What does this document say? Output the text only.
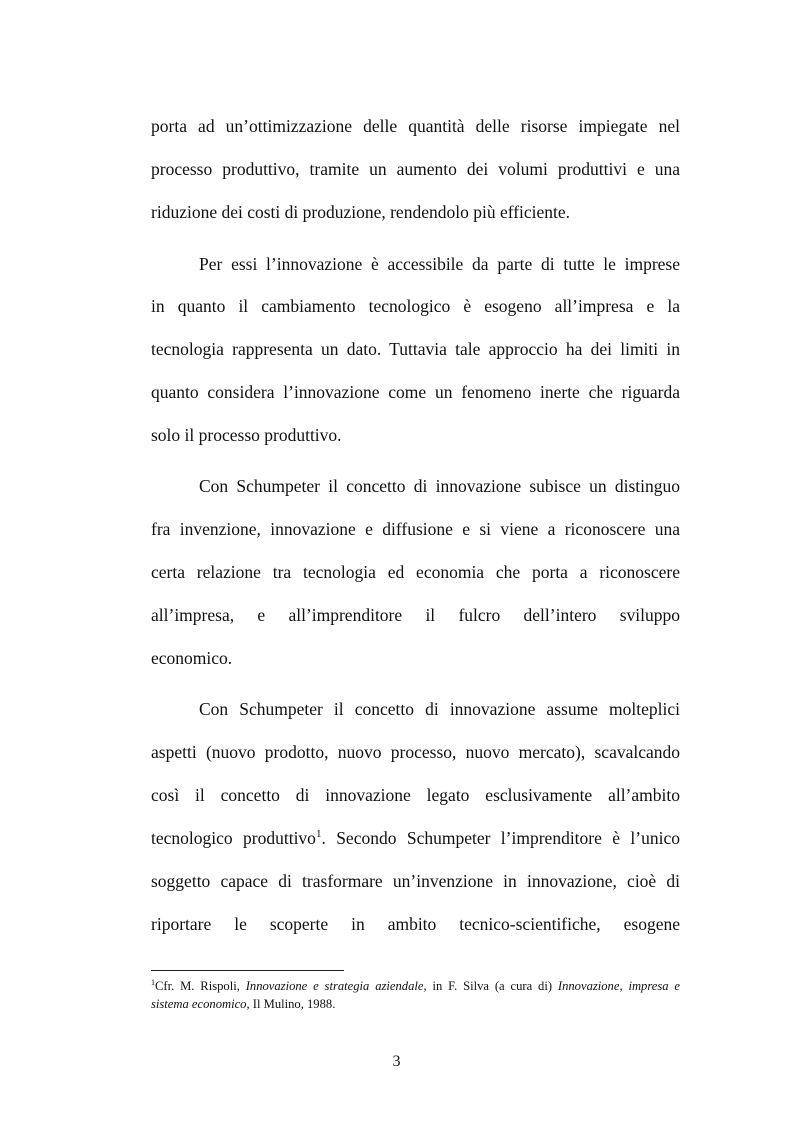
porta ad un’ottimizzazione delle quantità delle risorse impiegate nel
processo produttivo, tramite un aumento dei volumi produttivi e una
riduzione dei costi di produzione, rendendolo più efficiente.
Per essi l’innovazione è accessibile da parte di tutte le imprese
in quanto il cambiamento tecnologico è esogeno all’impresa e la
tecnologia rappresenta un dato. Tuttavia tale approccio ha dei limiti in
quanto considera l’innovazione come un fenomeno inerte che riguarda
solo il processo produttivo.
Con Schumpeter il concetto di innovazione subisce un distinguo
fra invenzione, innovazione e diffusione e si viene a riconoscere una
certa relazione tra tecnologia ed economia che porta a riconoscere
all’impresa, e all’imprenditore il fulcro dell’intero sviluppo
economico.
Con Schumpeter il concetto di innovazione assume molteplici
aspetti (nuovo prodotto, nuovo processo, nuovo mercato), scavalcando
così il concetto di innovazione legato esclusivamente all’ambito
tecnologico produttivo$^1$. Secondo Schumpeter l’imprenditore è l’unico
soggetto capace di trasformare un’invenzione in innovazione, cioè di
riportare le scoperte in ambito tecnico-scientifiche, esogene
$^1$Cfr. M. Rispoli, Innovazione e strategia aziendale, in F. Silva (a cura di) Innovazione, impresa e
sistema economico, Il Mulino, 1988.
3
